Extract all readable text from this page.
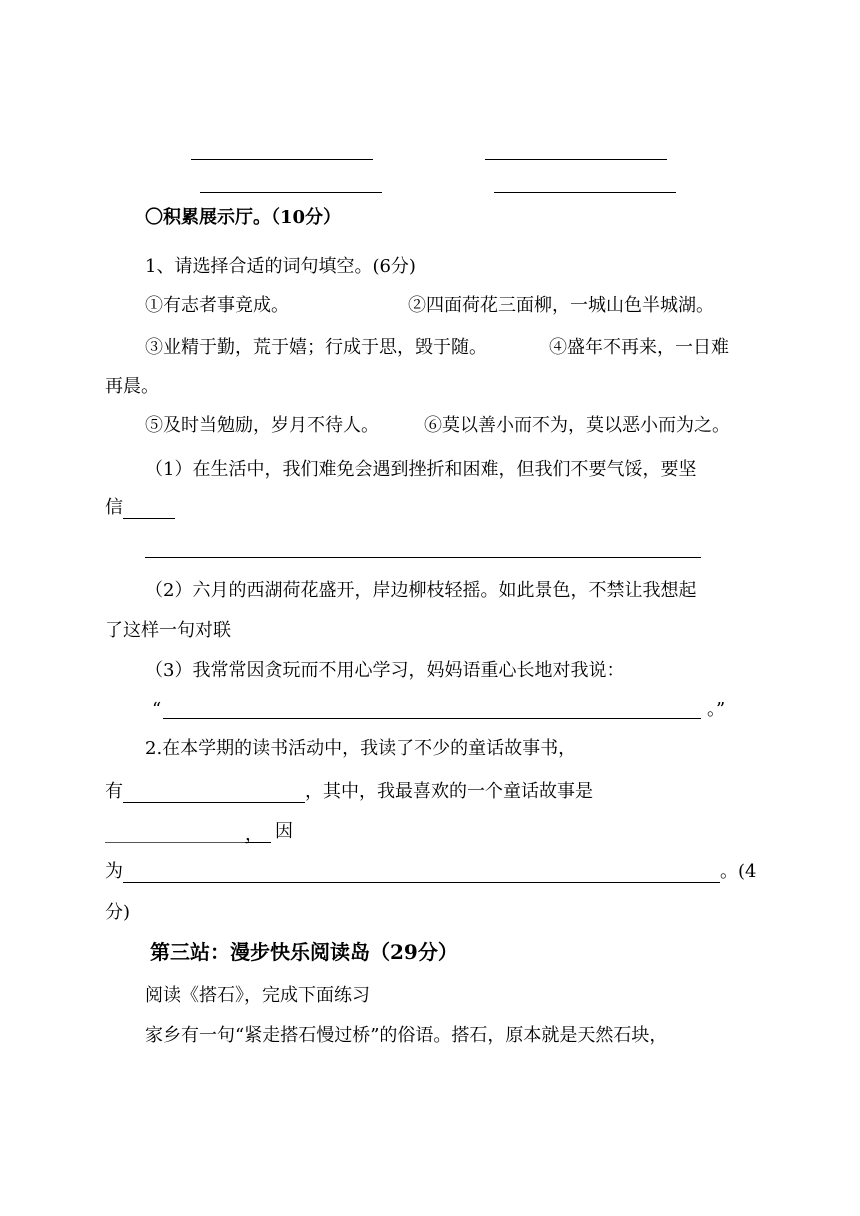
〇积累展示厅。（10分）
1、请选择合适的词句填空。(6分)
①有志者事竟成。	②四面荷花三面柳，一城山色半城湖。
③业精于勤，荒于嬉；行成于思，毁于随。	④盛年不再来，一日难
再晨。
⑤及时当勉励，岁月不待人。	⑥莫以善小而不为，莫以恶小而为之。
（1）在生活中，我们难免会遇到挫折和困难，但我们不要气馁，要坚
信
（2）六月的西湖荷花盛开，岸边柳枝轻摇。如此景色，不禁让我想起
了这样一句对联
（3）我常常因贪玩而不用心学习，妈妈语重心长地对我说：
“	。”
2.在本学期的读书活动中，我读了不少的童话故事书，
有	，其中，我最喜欢的一个童话故事是
， 因
为	。(4
分)
第三站：漫步快乐阅读岛（29分）
阅读《搭石》，完成下面练习
家乡有一句“紧走搭石慢过桥”的俗语。搭石，原本就是天然石块，
